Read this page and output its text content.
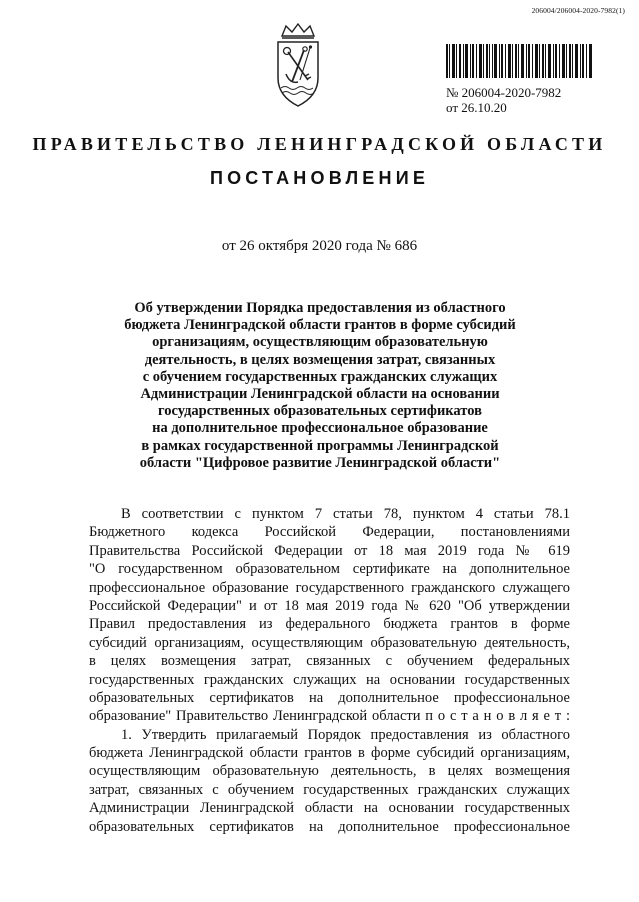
206004/206004-2020-7982(1)
№ 206004-2020-7982
от 26.10.20
ПРАВИТЕЛЬСТВО ЛЕНИНГРАДСКОЙ ОБЛАСТИ
ПОСТАНОВЛЕНИЕ
от 26 октября 2020 года № 686
Об утверждении Порядка предоставления из областного
бюджета Ленинградской области грантов в форме субсидий
организациям, осуществляющим образовательную
деятельность, в целях возмещения затрат, связанных
с обучением государственных гражданских служащих
Администрации Ленинградской области на основании
государственных образовательных сертификатов
на дополнительное профессиональное образование
в рамках государственной программы Ленинградской
области "Цифровое развитие Ленинградской области"
В соответствии с пунктом 7 статьи 78, пунктом 4 статьи 78.1
Бюджетного кодекса Российской Федерации, постановлениями
Правительства Российской Федерации от 18 мая 2019 года № 619
"О государственном образовательном сертификате на дополнительное
профессиональное образование государственного гражданского служащего
Российской Федерации" и от 18 мая 2019 года № 620 "Об утверждении
Правил предоставления из федерального бюджета грантов в форме
субсидий организациям, осуществляющим образовательную деятельность,
в целях возмещения затрат, связанных с обучением федеральных
государственных гражданских служащих на основании государственных
образовательных сертификатов на дополнительное профессиональное
образование" Правительство Ленинградской области п о с т а н о в л я е т :
1. Утвердить прилагаемый Порядок предоставления из областного
бюджета Ленинградской области грантов в форме субсидий организациям,
осуществляющим образовательную деятельность, в целях возмещения
затрат, связанных с обучением государственных гражданских служащих
Администрации Ленинградской области на основании государственных
образовательных сертификатов на дополнительное профессиональное
